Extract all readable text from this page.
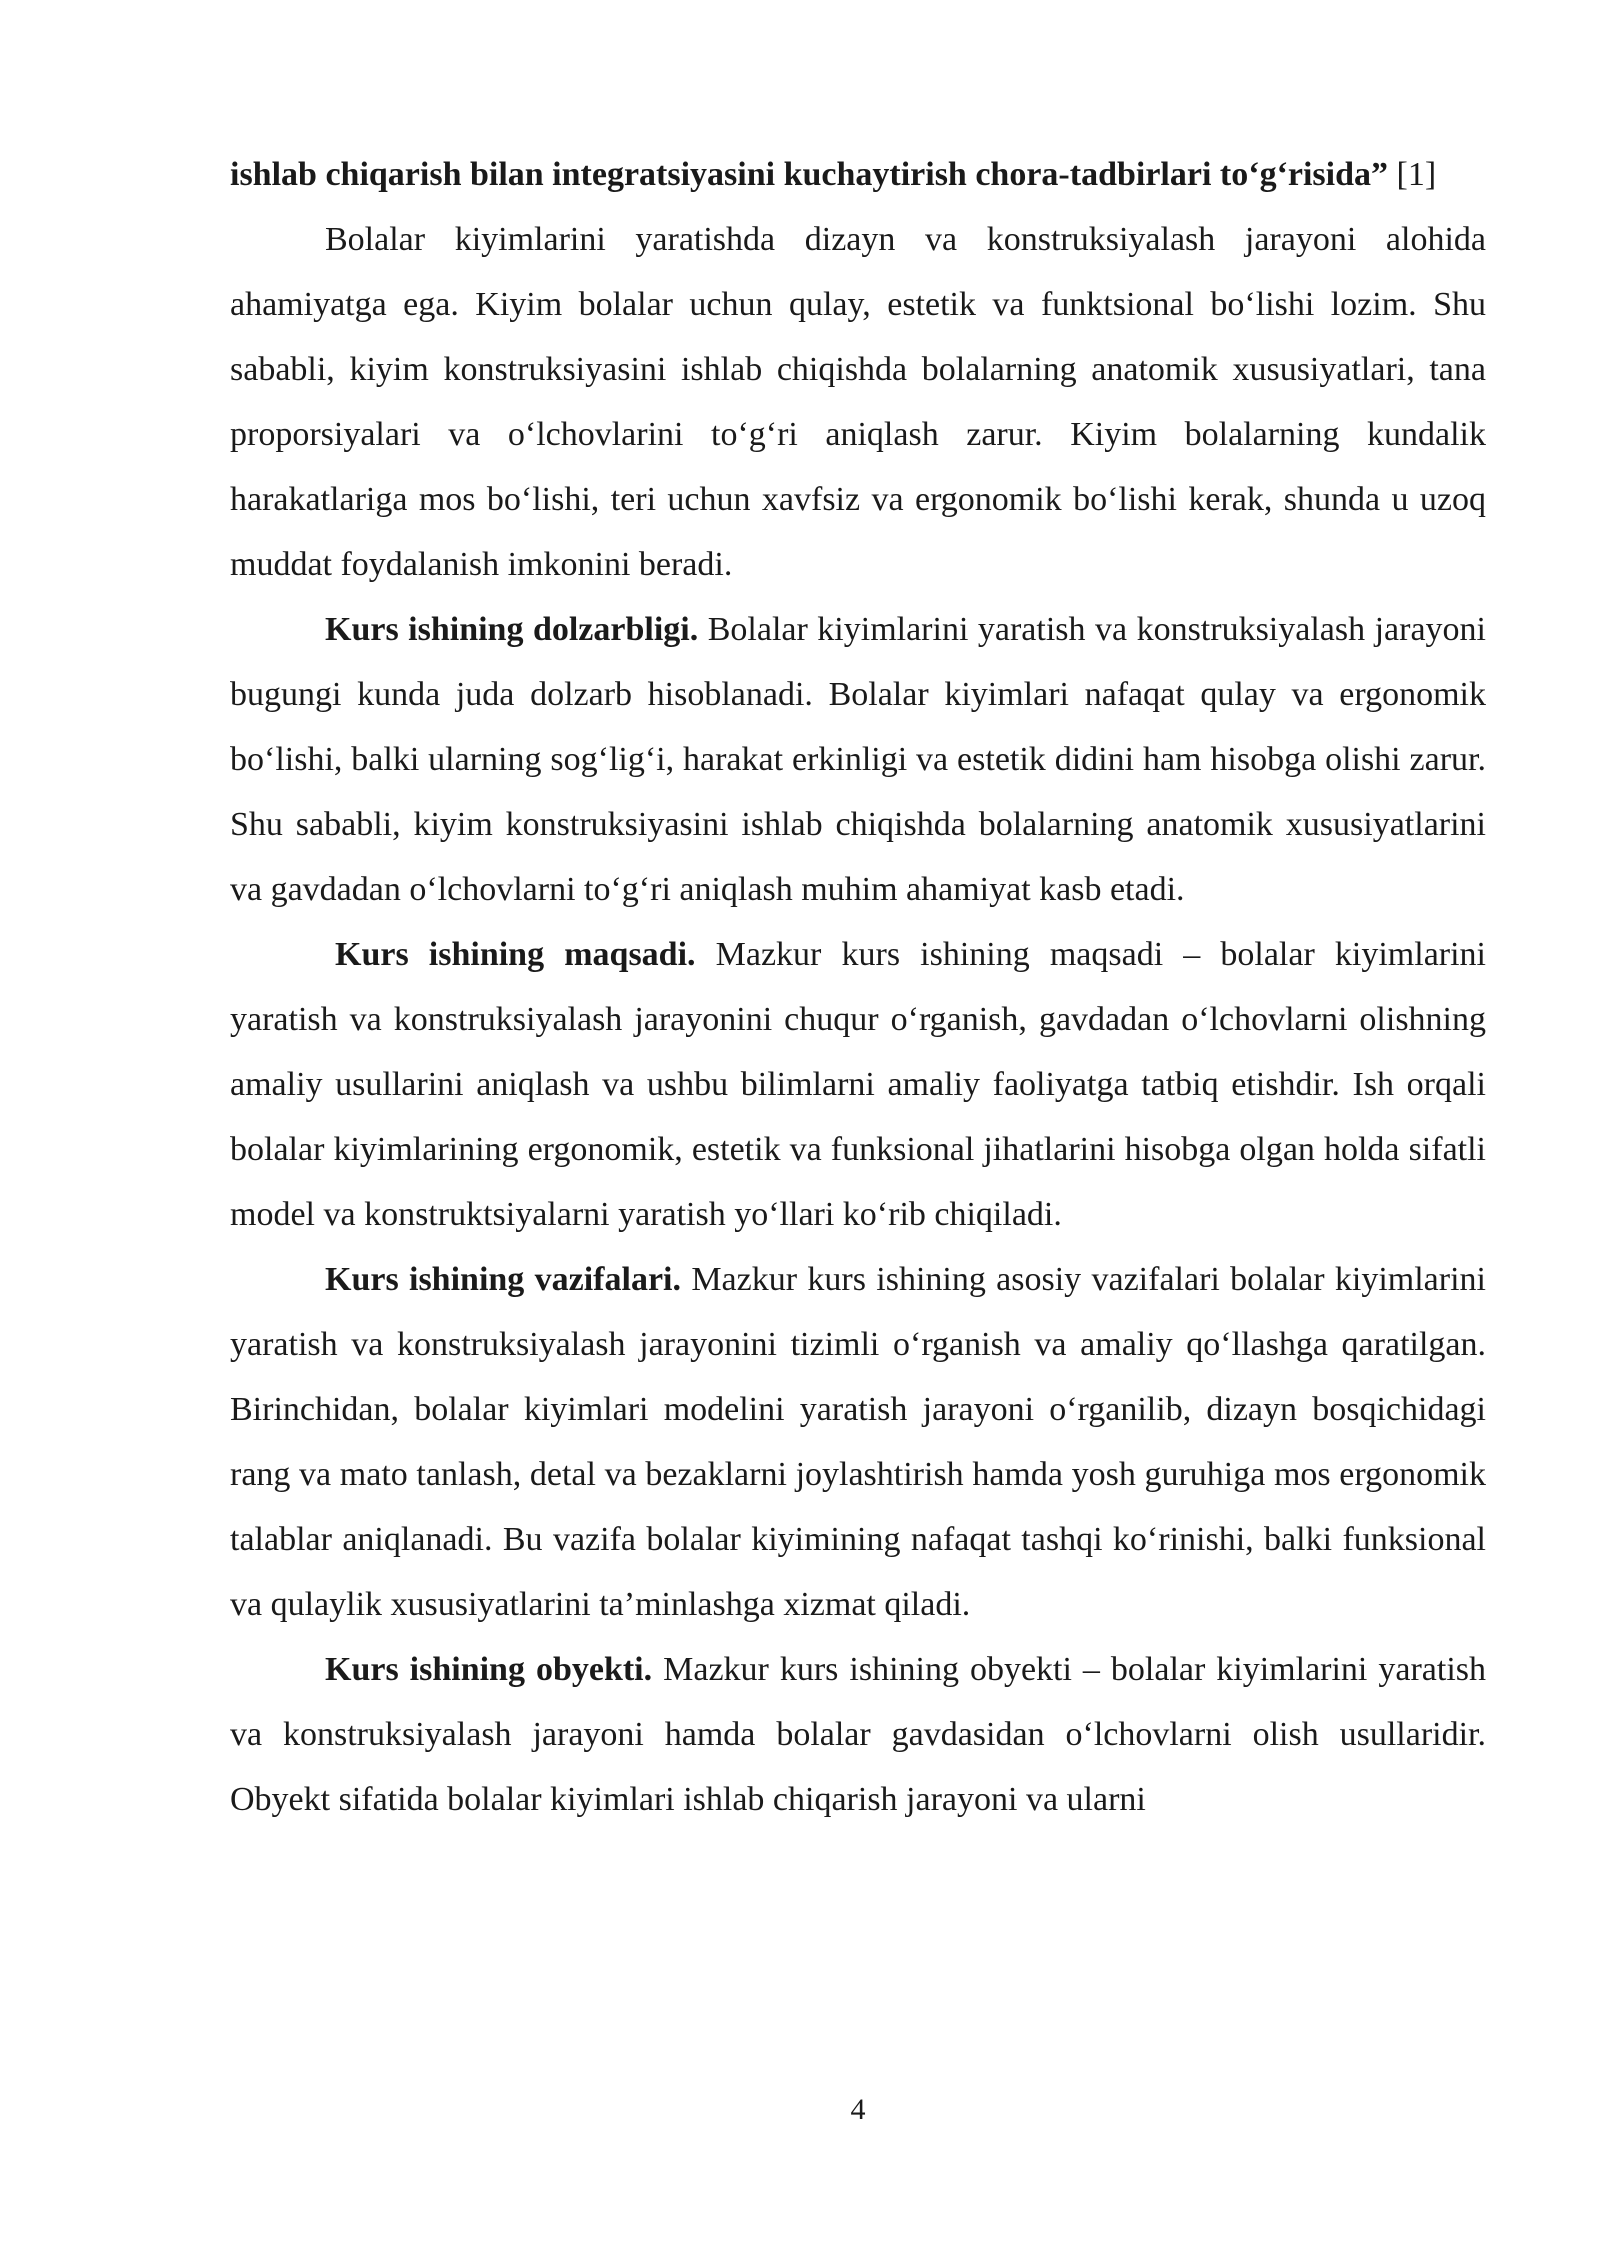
ishlab chiqarish bilan integratsiyasini kuchaytirish chora-tadbirlari to‘g‘risida” [1]

Bolalar kiyimlarini yaratishda dizayn va konstruksiyalash jarayoni alohida ahamiyatga ega. Kiyim bolalar uchun qulay, estetik va funktsional bo‘lishi lozim. Shu sababli, kiyim konstruksiyasini ishlab chiqishda bolalarning anatomik xususiyatlari, tana proporsiyalari va o‘lchovlarini to‘g‘ri aniqlash zarur. Kiyim bolalarning kundalik harakatlariga mos bo‘lishi, teri uchun xavfsiz va ergonomik bo‘lishi kerak, shunda u uzoq muddat foydalanish imkonini beradi.

Kurs ishining dolzarbligi. Bolalar kiyimlarini yaratish va konstruksiyalash jarayoni bugungi kunda juda dolzarb hisoblanadi. Bolalar kiyimlari nafaqat qulay va ergonomik bo‘lishi, balki ularning sog‘lig‘i, harakat erkinligi va estetik didini ham hisobga olishi zarur. Shu sababli, kiyim konstruksiyasini ishlab chiqishda bolalarning anatomik xususiyatlarini va gavdadan o‘lchovlarni to‘g‘ri aniqlash muhim ahamiyat kasb etadi.

Kurs ishining maqsadi. Mazkur kurs ishining maqsadi – bolalar kiyimlarini yaratish va konstruksiyalash jarayonini chuqur o‘rganish, gavdadan o‘lchovlarni olishning amaliy usullarini aniqlash va ushbu bilimlarni amaliy faoliyatga tatbiq etishdir. Ish orqali bolalar kiyimlarining ergonomik, estetik va funksional jihatlarini hisobga olgan holda sifatli model va konstruktsiyalarni yaratish yo‘llari ko‘rib chiqiladi.

Kurs ishining vazifalari. Mazkur kurs ishining asosiy vazifalari bolalar kiyimlarini yaratish va konstruksiyalash jarayonini tizimli o‘rganish va amaliy qo‘llashga qaratilgan. Birinchidan, bolalar kiyimlari modelini yaratish jarayoni o‘rganilib, dizayn bosqichidagi rang va mato tanlash, detal va bezaklarni joylashtirish hamda yosh guruhiga mos ergonomik talablar aniqlanadi. Bu vazifa bolalar kiyimining nafaqat tashqi ko‘rinishi, balki funksional va qulaylik xususiyatlarini ta’minlashga xizmat qiladi.

Kurs ishining obyekti. Mazkur kurs ishining obyekti – bolalar kiyimlarini yaratish va konstruksiyalash jarayoni hamda bolalar gavdasidan o‘lchovlarni olish usullaridir. Obyekt sifatida bolalar kiyimlari ishlab chiqarish jarayoni va ularni

4
